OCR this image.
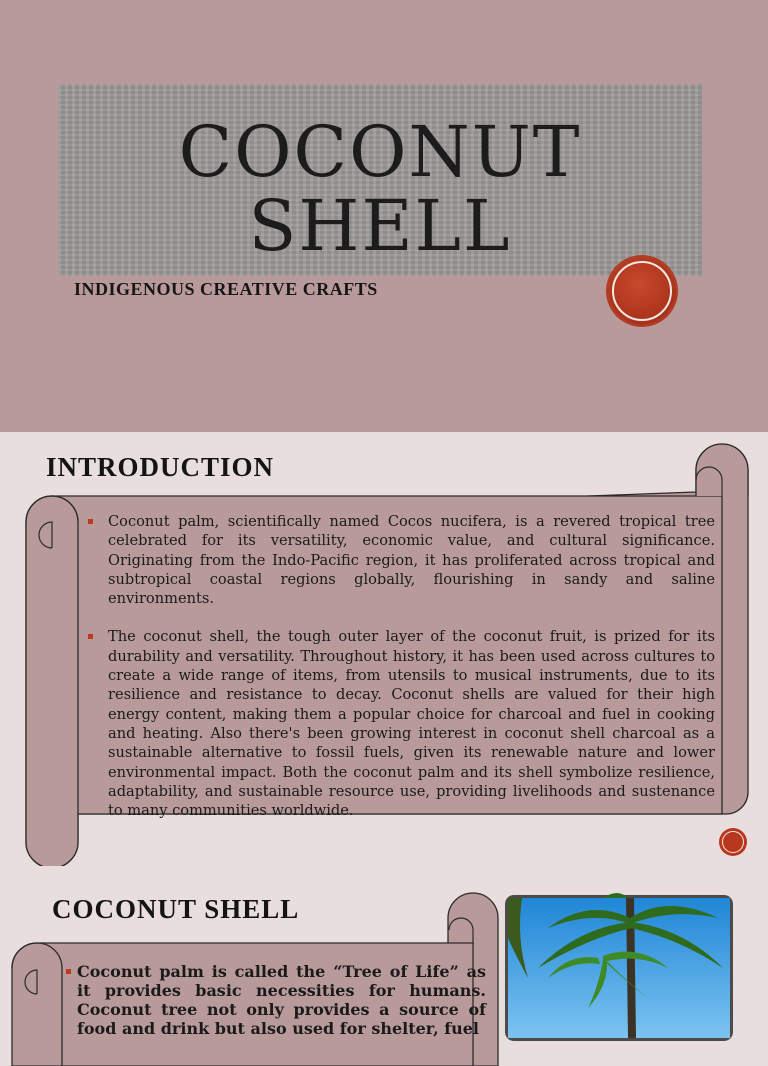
COCONUT
SHELL
INDIGENOUS CREATIVE CRAFTS
INTRODUCTION

Coconut palm, scientifically named Cocos nucifera, is a revered tropical tree celebrated for its versatility, economic value, and cultural significance. Originating from the Indo-Pacific region, it has proliferated across tropical and subtropical coastal regions globally, flourishing in sandy and saline environments.

The coconut shell, the tough outer layer of the coconut fruit, is prized for its durability and versatility. Throughout history, it has been used across cultures to create a wide range of items, from utensils to musical instruments, due to its resilience and resistance to decay. Coconut shells are valued for their high energy content, making them a popular choice for charcoal and fuel in cooking and heating. Also there's been growing interest in coconut shell charcoal as a sustainable alternative to fossil fuels, given its renewable nature and lower environmental impact. Both the coconut palm and its shell symbolize resilience, adaptability, and sustainable resource use, providing livelihoods and sustenance to many communities worldwide.

COCONUT SHELL
Coconut palm is called the “Tree of Life” as it provides basic necessities for humans. Coconut tree not only provides a source of food and drink but also used for shelter, fuel
